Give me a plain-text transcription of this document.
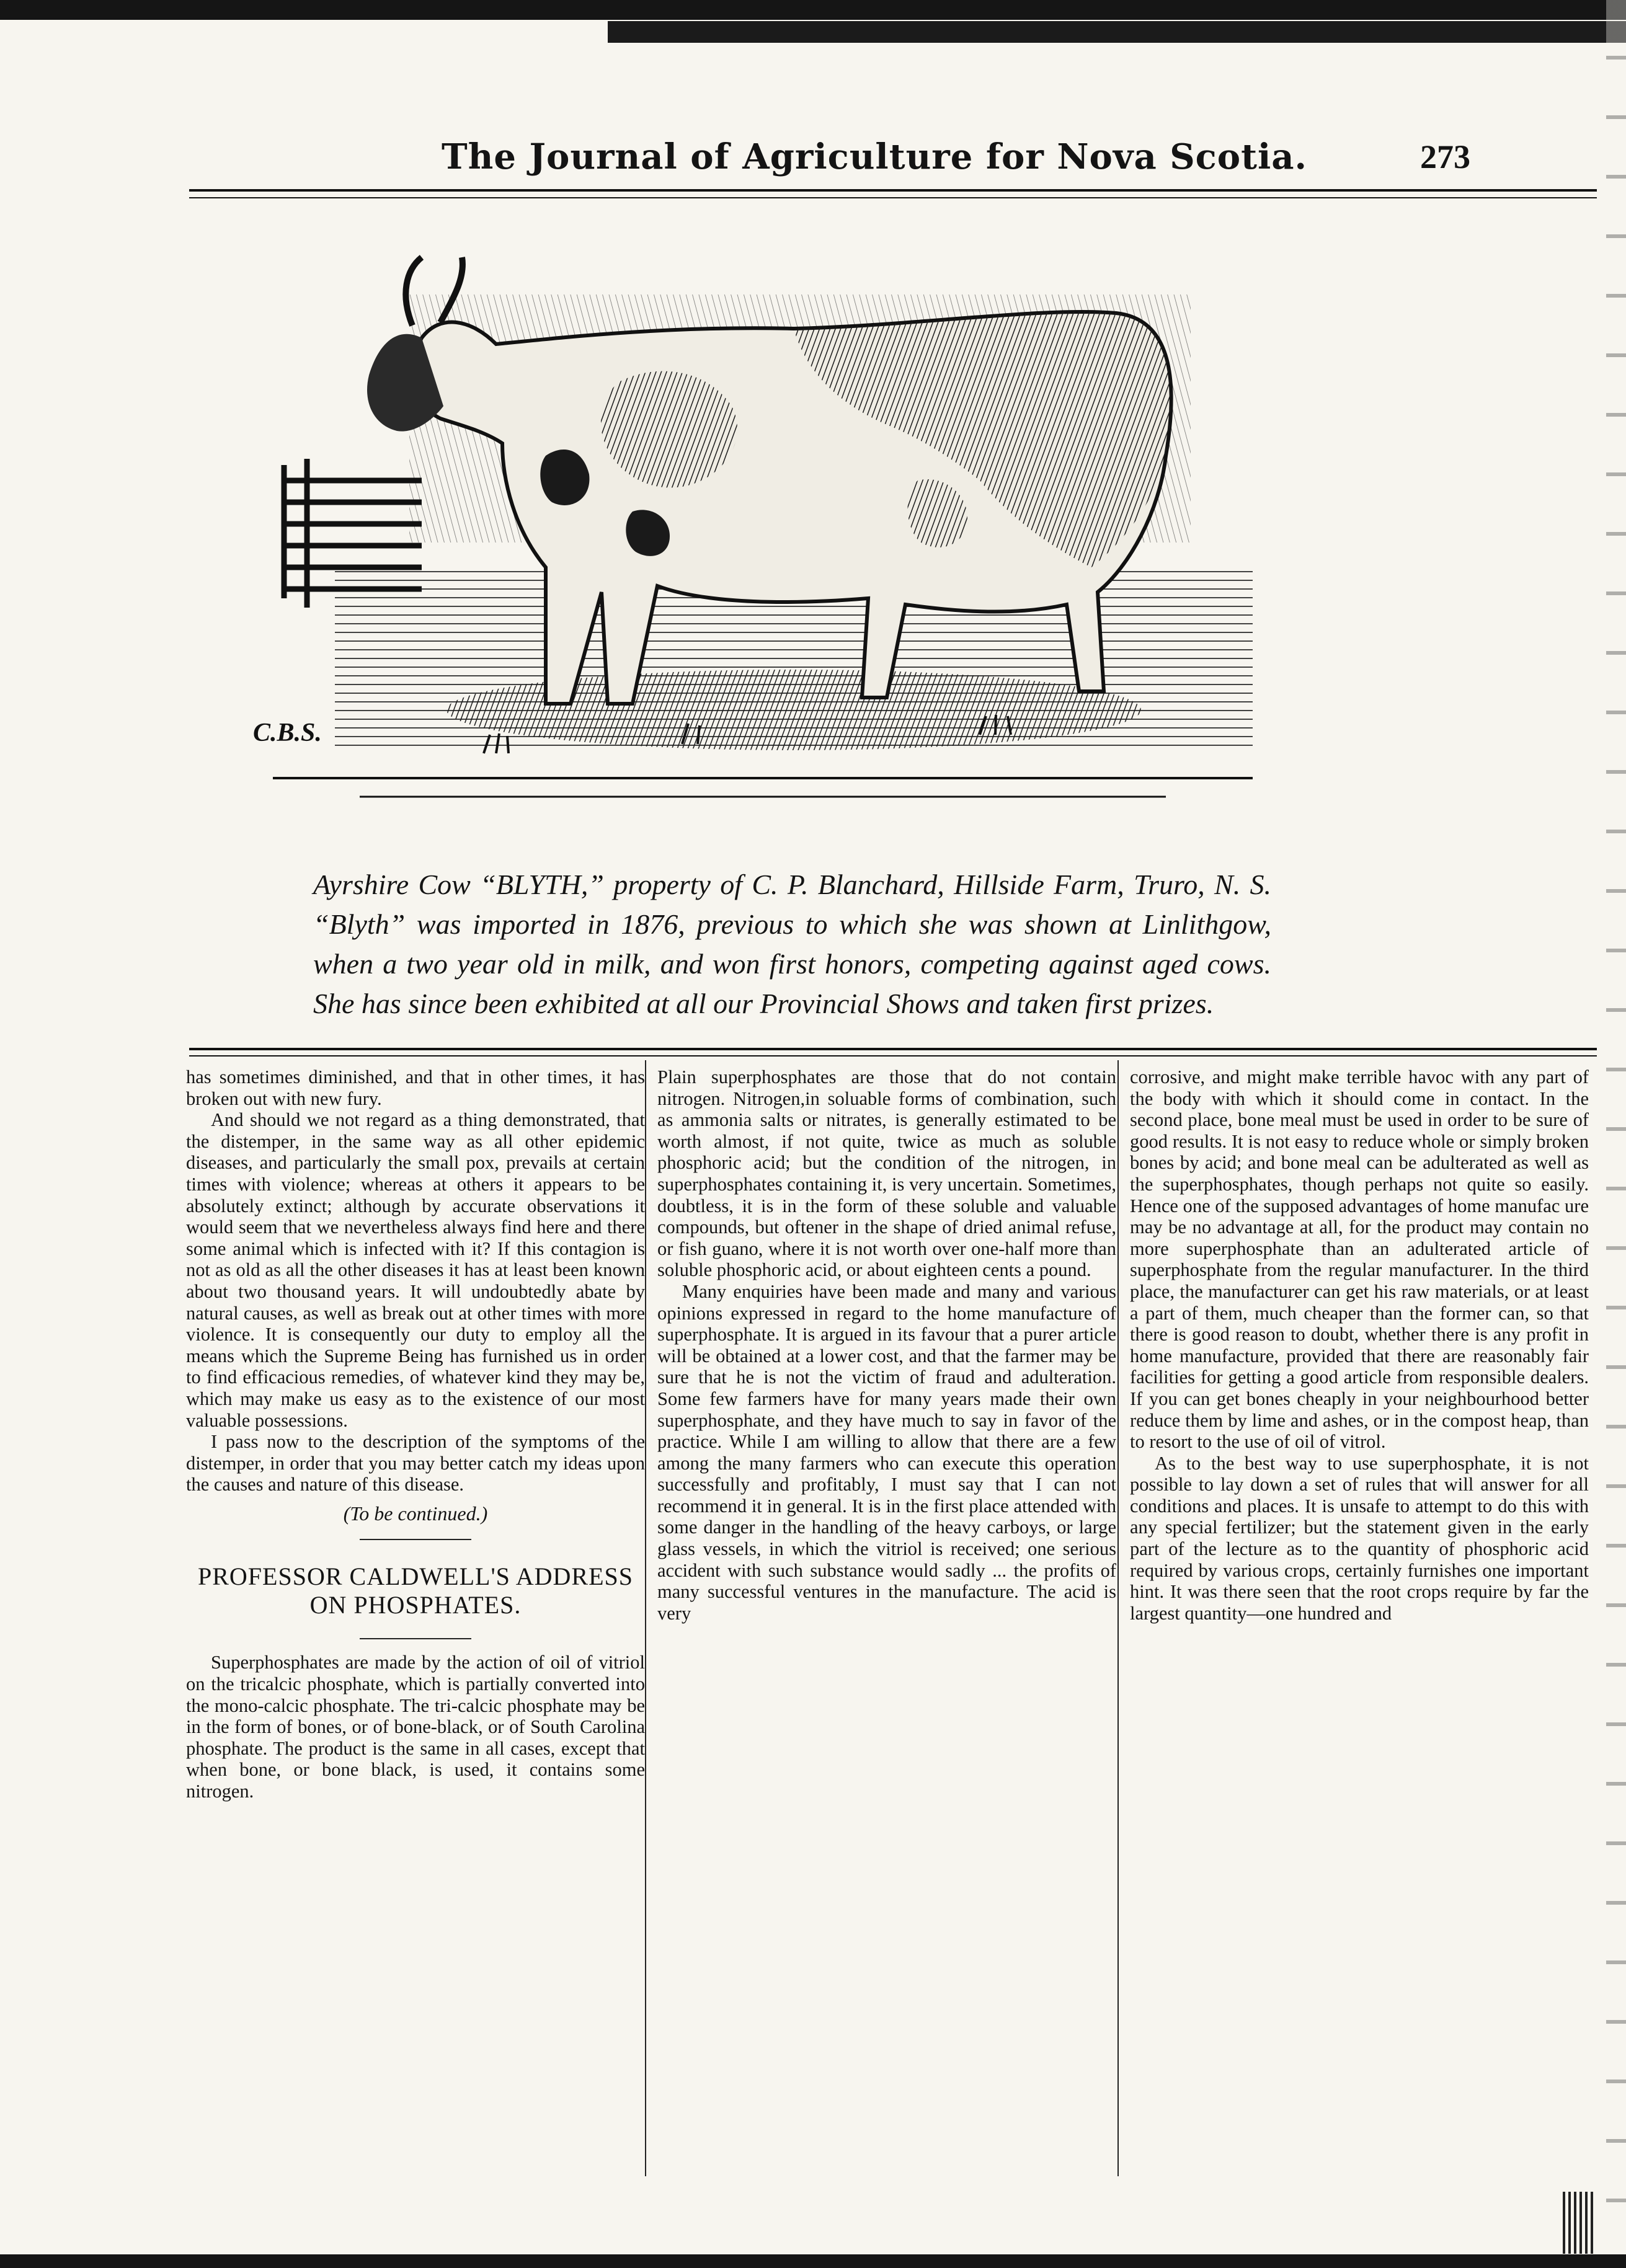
The Journal of Agriculture for Nova Scotia.	273
C.B.S.
Ayrshire Cow “BLYTH,” property of C. P. Blanchard, Hillside Farm, Truro, N. S. “Blyth” was imported in 1876, previous to which she was shown at Linlithgow, when a two year old in milk, and won first honors, competing against aged cows. She has since been exhibited at all our Provincial Shows and taken first prizes.

has sometimes diminished, and that in other times, it has broken out with new fury.

And should we not regard as a thing demonstrated, that the distemper, in the same way as all other epidemic diseases, and particularly the small pox, prevails at certain times with violence; whereas at others it appears to be absolutely extinct; although by accurate observations it would seem that we nevertheless always find here and there some animal which is infected with it? If this contagion is not as old as all the other diseases it has at least been known about two thousand years. It will undoubtedly abate by natural causes, as well as break out at other times with more violence. It is consequently our duty to employ all the means which the Supreme Being has furnished us in order to find efficacious remedies, of whatever kind they may be, which may make us easy as to the existence of our most valuable possessions.

I pass now to the description of the symptoms of the distemper, in order that you may better catch my ideas upon the causes and nature of this disease.

(To be continued.)
PROFESSOR CALDWELL'S ADDRESS ON PHOSPHATES.

Superphosphates are made by the action of oil of vitriol on the tricalcic phosphate, which is partially converted into the mono-calcic phosphate. The tri-calcic phosphate may be in the form of bones, or of bone-black, or of South Carolina phosphate. The product is the same in all cases, except that when bone, or bone black, is used, it contains some nitrogen.

Plain superphosphates are those that do not contain nitrogen. Nitrogen,in soluable forms of combination, such as ammonia salts or nitrates, is generally estimated to be worth almost, if not quite, twice as much as soluble phosphoric acid; but the condition of the nitrogen, in superphosphates containing it, is very uncertain. Sometimes, doubtless, it is in the form of these soluble and valuable compounds, but oftener in the shape of dried animal refuse, or fish guano, where it is not worth over one-half more than soluble phosphoric acid, or about eighteen cents a pound.

Many enquiries have been made and many and various opinions expressed in regard to the home manufacture of superphosphate. It is argued in its favour that a purer article will be obtained at a lower cost, and that the farmer may be sure that he is not the victim of fraud and adulteration. Some few farmers have for many years made their own superphosphate, and they have much to say in favor of the practice. While I am willing to allow that there are a few among the many farmers who can execute this operation successfully and profitably, I must say that I can not recommend it in general. It is in the first place attended with some danger in the handling of the heavy carboys, or large glass vessels, in which the vitriol is received; one serious accident with such substance would sadly ... the profits of many successful ventures in the manufacture. The acid is very

corrosive, and might make terrible havoc with any part of the body with which it should come in contact. In the second place, bone meal must be used in order to be sure of good results. It is not easy to reduce whole or simply broken bones by acid; and bone meal can be adulterated as well as the superphosphates, though perhaps not quite so easily. Hence one of the supposed advantages of home manufac ure may be no advantage at all, for the product may contain no more superphosphate than an adulterated article of superphosphate from the regular manufacturer. In the third place, the manufacturer can get his raw materials, or at least a part of them, much cheaper than the former can, so that there is good reason to doubt, whether there is any profit in home manufacture, provided that there are reasonably fair facilities for getting a good article from responsible dealers. If you can get bones cheaply in your neighbourhood better reduce them by lime and ashes, or in the compost heap, than to resort to the use of oil of vitrol.

As to the best way to use superphosphate, it is not possible to lay down a set of rules that will answer for all conditions and places. It is unsafe to attempt to do this with any special fertilizer; but the statement given in the early part of the lecture as to the quantity of phosphoric acid required by various crops, certainly furnishes one important hint. It was there seen that the root crops require by far the largest quantity—one hundred and
